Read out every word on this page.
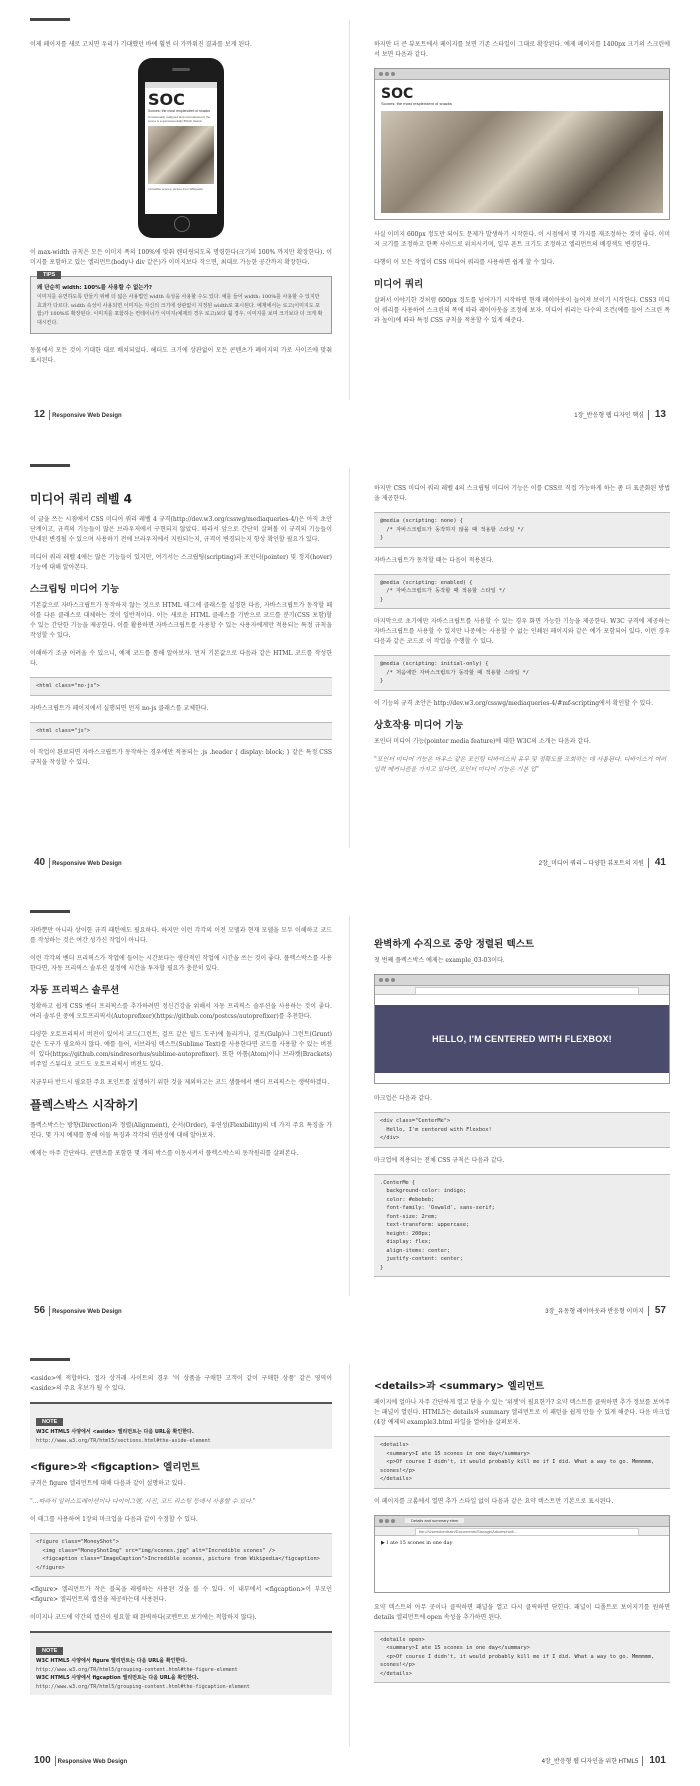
이제 페이지를 새로 고치면 우리가 기대했던 바에 훨씬 더 가까워진 결과를 보게 된다.

SOC
Scones: the most resplendent of snacks
Occasionally maligned and misunderstood; the scone is a quintessentially British classic.
Incredible scones, picture from Wikipedia

이 max-width 규칙은 모든 이미지 폭의 100%에 맞춰 렌더링되도록 명령한다(크기의 100% 까지만 확장한다). 이미지를 포함하고 있는 엘리먼트(body나 div 같은)가 이미지보다 작으면, 최대로 가능한 공간까지 확장한다.

TIPS
왜 단순히 width: 100%를 사용할 수 없는가?
이미지를 유연하도록 만들기 위해 더 넓은 사용법인 width 속성을 사용할 수도 있다. 예를 들어 width: 100%를 사용할 수 있지만 효과가 다르다. width 속성이 사용되면 이미지는 자신의 크기에 상관없이 지정된 width로 표시된다. 예제에서는 로고(이미지도 포함)가 100%로 확장된다. 이미지를 포함하는 컨테이너가 이미지(예제의 경우 로고)보다 훨 경우, 이미지를 보며 크기보다 더 크게 확대시킨다.

동물에서 모든 것이 기대한 대로 배치되었다. 헤더도 크기에 상관없이 모든 콘텐츠가 폐이지의 가로 사이즈에 맞춰 표시된다.

12 Responsive Web Design

하지만 더 큰 뷰포트에서 페이지를 보면 기존 스타일이 그대로 확장된다. 예제 페이지를 1400px 크기의 스크린에서 보면 다음과 같다.

SOC
Scones: the most resplendent of snacks

사실 이미지 600px 정도만 되어도 문제가 발생하기 시작한다. 이 시점에서 몇 가지를 재조정하는 것이 좋다. 이미지 크기를 조정하고 한쪽 사이드로 위치시키며, 일부 폰트 크기도 조정하고 엘리먼트의 배경색도 변경한다.

다행히 이 모든 작업이 CSS 미디어 쿼리를 사용하면 쉽게 할 수 있다.

미디어 쿼리

살펴서 이야기한 것처럼 600px 정도를 넘어가기 시작하면 현재 페이아웃이 늘어져 보이기 시작한다. CSS3 미디어 쿼리를 사용하여 스크린의 폭에 따라 레이아웃을 조정해 보자. 미디어 쿼리는 다수의 조건(예를 들어 스크린 폭과 높이)에 따라 특정 CSS 규칙을 적용할 수 있게 해준다.

1장_반응형 웹 디자인 핵심 13
미디어 쿼리 레벨 4

이 글을 쓰는 시점에서 CSS 미디어 쿼리 레벨 4 규격(http://dev.w3.org/csswg/mediaqueries-4/)은 아직 초안 단계이고, 규격의 기능들이 많은 브라우저에서 구현되지 않았다. 따라서 앞으로 간단히 살펴볼 이 규격의 기능들이 안내된 변경될 수 있으며 사용하기 전에 브라우저에서 지원되는지, 규격이 변경되는지 항상 확인할 필요가 있다.

미디어 쿼리 레벨 4에는 많은 기능들이 있지만, 여기서는 스크립팅(scripting)과 포인터(pointer) 및 정지(hover) 기능에 대해 알아본다.

스크립팅 미디어 기능

기본값으로 자바스크립트가 동작하지 않는 것으로 HTML 태그에 클래스를 설정한 다음, 자바스크립트가 동작할 때 이를 다른 클래스로 대체하는 것이 일반적이다. 이는 새로운 HTML 클래스를 기반으로 코드를 분기(CSS 포함)할 수 있는 간단한 기능을 제공한다. 이를 활용하면 자바스크립트를 사용할 수 있는 사용자에게만 적용되는 특정 규칙을 작성할 수 있다.

이해하기 조금 어려울 수 있으니, 예제 코드를 통해 알아보자. 먼저 기본값으로 다음과 같은 HTML 코드를 작성한다.

<html class="no-js">

자바스크립트가 페이지에서 실행되면 먼저 no-js 클래스를 교체한다.

<html class="js">

이 작업이 완료되면 자바스크립트가 동작하는 경우에만 적용되는 .js .header { display: block; } 같은 특정 CSS 규칙을 작성할 수 있다.

40 Responsive Web Design

하지만 CSS 미디어 쿼리 레벨 4의 스크립팅 미디어 기능은 이를 CSS로 직접 가능하게 하는 좀 더 표준화된 방법을 제공한다.

@media (scripting: none) {
/* 자바스크립트가 동작하지 않을 때 적용할 스타일 */
}

자바스크립트가 동작할 때는 다음이 적용된다.

@media (scripting: enabled) {
/* 자바스크립트가 동작할 때 적용할 스타일 */
}

마지막으로 초기에만 자바스크립트를 사용할 수 있는 경우 화면 가능한 기능을 제공한다. W3C 규격에 제공하는 자바스크립트를 사용할 수 있지만 나중에는 사용할 수 없는 인쇄된 페이지와 같은 예가 포함되어 있다. 이런 경우 다음과 같은 코드로 이 작업을 수행할 수 있다.

@media (scripting: initial-only) {
/* 처음에만 자바스크립트가 동작할 때 적용할 스타일 */
}

이 기능의 규격 초안은 http://dev.w3.org/csswg/mediaqueries-4/#mf-scripting에서 확인할 수 있다.

상호작용 미디어 기능

포인터 미디어 기능(pointer media feature)에 대한 W3C의 소개는 다음과 같다.

"포인터 미디어 기능은 마우스 같은 포인팅 디바이스의 유무 및 정확도를 조회하는 데 사용된다. 디바이스가 여러 입력 메커니즘을 가지고 있다면, 포인터 미디어 기능은 기본 입"
2장_미디어 쿼리 – 다양한 뷰포트의 지원 41

자바뿐만 아니라 상이한 규격 패턴에도 필요하다. 하지만 이런 각각의 이전 모델과 현재 모델을 모두 이해하고 코드를 작성하는 것은 여간 성가신 작업이 아니다.

이런 각각의 벤더 프리픽스가 작업에 들어는 시간보다는 생산적인 작업에 시간을 쓰는 것이 좋다. 플렉스박스를 사용한다면, 자동 프리픽스 솔루션 설정에 시간을 투자할 필요가 충분히 있다.

자동 프리픽스 솔루션

정확하고 쉽게 CSS 벤더 프리픽스를 추가하려면 정신건강을 위해서 자동 프리픽스 솔루션을 사용하는 것이 좋다. 여러 솔루션 중에 오토프리픽서(Autoprefixer)(https://github.com/postcss/autoprefixer)를 추천한다.

다양한 오토프리픽서 버전이 있어서 코드(그런트, 걸프 같은 빌드 도구)에 돌리거나, 걸프(Gulp)나 그런트(Grunt) 같은 도구가 필요하지 않다. 예를 들어, 서브라임 텍스트(Sublime Text)를 사용한다면 코드를 사용할 수 있는 버전이 있다(https://github.com/sindresorhus/sublime-autoprefixer). 또한 아톰(Atom)이나 브라켓(Brackets) 비주얼 스튜디오 코드도 오토프리픽서 버전도 있다.

지금부터 반드시 필요한 주요 포인트를 설명하기 위한 것을 제외하고는 코드 샘플에서 벤더 프리픽스는 생략하겠다.

플렉스박스 시작하기

플렉스박스는 방향(Direction)과 정렬(Alignment), 순서(Order), 유연성(Flexibility)의 네 가지 주요 특징을 가진다. 몇 가지 예제를 통해 이들 특징과 각각의 연관성에 대해 알아보자.

예제는 아주 간단하다. 콘텐츠를 포함한 몇 개의 박스를 이동시켜서 플렉스박스의 동작원리를 살펴본다.

56 Responsive Web Design
완벽하게 수직으로 중앙 정렬된 텍스트

첫 번째 플렉스박스 예제는 example_03-03이다.

HELLO, I'M CENTERED WITH FLEXBOX!

마크업은 다음과 같다.

<div class="CenterMe">
Hello, I'm centered with Flexbox!
</div>

마크업에 적용되는 전체 CSS 규칙은 다음과 같다.

.CenterMe {
background-color: indigo;
color: #ebebeb;
font-family: 'Oswald', sans-serif;
font-size: 2rem;
text-transform: uppercase;
height: 200px;
display: flex;
align-items: center;
justify-content: center;
}
3장_유동형 레이아웃과 반응형 이미지 57

<aside>에 적합하다. 접자 상거래 사이트의 경우 '이 상품을 구매한 고객이 같이 구매한 상품' 같은 영역이 <aside>의 주요 후보가 될 수 있다.

NOTE
W3C HTML5 사양에서 <aside> 엘리먼트는 다음 URL을 확인한다.
http://www.w3.org/TR/html5/sections.html#the-aside-element
<figure>와 <figcaption> 엘리먼트

규격은 figure 엘리먼트에 대해 다음과 같이 설명하고 있다.

"…따라서 일러스트레이션이나 다이어그램, 사진, 코드 리스팅 등에서 사용할 수 있다."

이 태그를 사용하여 1장의 마크업을 다음과 같이 수정할 수 있다.

<figure class="MoneyShot">
<img class="MoneyShotImg" src="img/scones.jpg" alt="Incredible scones" />
<figcaption class="ImageCaption">Incredible scones, picture from Wikipedia</figcaption>
</figure>

<figure> 엘리먼트가 작은 블록을 래핑하는 사용된 것을 볼 수 있다. 이 내부에서 <figcaption>이 부모인 <figure> 엘리먼트의 캡션을 제공하는데 사용된다.

이미지나 코드에 약간의 캡션이 필요할 때 완벽하다(코멘트로 보기에는 적합하지 않다).

NOTE
W3C HTML5 사양에서 figure 엘리먼트는 다음 URL을 확인한다.
http://www.w3.org/TR/html5/grouping-content.html#the-figure-element
W3C HTML5 사양에서 figcaption 엘리먼트는 다음 URL을 확인한다.
http://www.w3.org/TR/html5/grouping-content.html#the-figcaption-element
100 Responsive Web Design
<details>과 <summary> 엘리먼트

페이지에 얼마나 자주 간단하게 열고 닫을 수 있는 '위젯'이 필요한가? 요약 텍스트를 클릭하면 추가 정보를 보여주는 패널이 열린다. HTML5는 details와 summary 엘리먼트로 이 패턴을 쉽게 만들 수 있게 해준다. 다음 마크업(4장 예제의 example3.html 파일을 열어)을 살펴보자.

<details>
<summary>I ate 15 scones in one day</summary>
<p>Of course I didn't, it would probably kill me if I did. What a way to go. Mmmmmm, scones!</p>
</details>

이 페이지를 크롬에서 열면 추가 스타일 없이 다음과 같은 요약 텍스트만 기본으로 표시된다.

Details and summary elem
file:///Users/benfrain/Documents/Storage/Articles/rwd/...
▶ I ate 15 scones in one day

요약 텍스트의 아무 곳이나 클릭하면 패널을 열고 다시 클릭하면 닫힌다. 패널이 디폴트로 보이지기를 원하면 details 엘리먼트에 open 속성을 추가하면 된다.

<details open>
<summary>I ate 15 scones in one day</summary>
<p>Of course I didn't, it would probably kill me if I did. What a way to go. Mmmmmm, scones!</p>
</details>
4장_반응형 웹 디자인을 위한 HTML5 101
